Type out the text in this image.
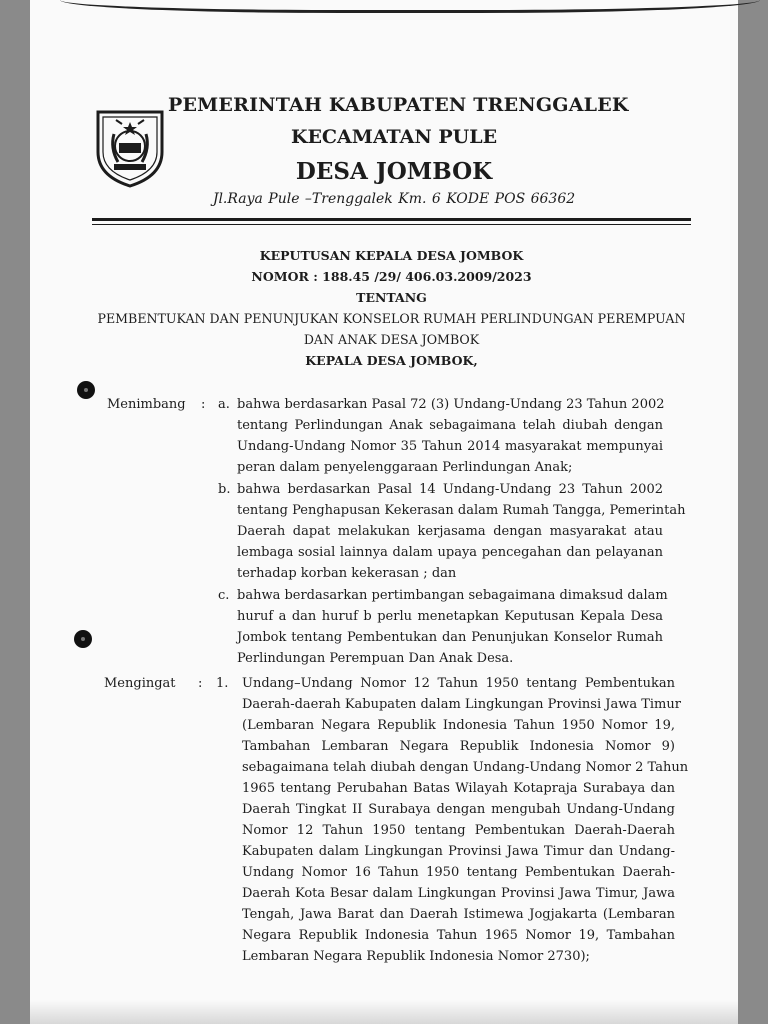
PEMERINTAH KABUPATEN TRENGGALEK
KECAMATAN PULE
DESA JOMBOK
Jl.Raya Pule –Trenggalek Km. 6 KODE POS 66362
KEPUTUSAN KEPALA DESA JOMBOK
NOMOR : 188.45 /29/ 406.03.2009/2023
TENTANG
PEMBENTUKAN DAN PENUNJUKAN KONSELOR RUMAH PERLINDUNGAN PEREMPUAN
DAN ANAK DESA JOMBOK
KEPALA DESA JOMBOK,
Menimbang : a. bahwa berdasarkan Pasal 72 (3) Undang-Undang 23 Tahun 2002
tentang Perlindungan Anak sebagaimana telah diubah dengan
Undang-Undang Nomor 35 Tahun 2014 masyarakat mempunyai
peran dalam penyelenggaraan Perlindungan Anak;
b. bahwa berdasarkan Pasal 14 Undang-Undang 23 Tahun 2002
tentang Penghapusan Kekerasan dalam Rumah Tangga, Pemerintah
Daerah dapat melakukan kerjasama dengan masyarakat atau
lembaga sosial lainnya dalam upaya pencegahan dan pelayanan
terhadap korban kekerasan ; dan
c. bahwa berdasarkan pertimbangan sebagaimana dimaksud dalam
huruf a dan huruf b perlu menetapkan Keputusan Kepala Desa
Jombok tentang Pembentukan dan Penunjukan Konselor Rumah
Perlindungan Perempuan Dan Anak Desa.
Mengingat : 1. Undang–Undang Nomor 12 Tahun 1950 tentang Pembentukan
Daerah-daerah Kabupaten dalam Lingkungan Provinsi Jawa Timur
(Lembaran Negara Republik Indonesia Tahun 1950 Nomor 19,
Tambahan Lembaran Negara Republik Indonesia Nomor 9)
sebagaimana telah diubah dengan Undang-Undang Nomor 2 Tahun
1965 tentang Perubahan Batas Wilayah Kotapraja Surabaya dan
Daerah Tingkat II Surabaya dengan mengubah Undang-Undang
Nomor 12 Tahun 1950 tentang Pembentukan Daerah-Daerah
Kabupaten dalam Lingkungan Provinsi Jawa Timur dan Undang-
Undang Nomor 16 Tahun 1950 tentang Pembentukan Daerah-
Daerah Kota Besar dalam Lingkungan Provinsi Jawa Timur, Jawa
Tengah, Jawa Barat dan Daerah Istimewa Jogjakarta (Lembaran
Negara Republik Indonesia Tahun 1965 Nomor 19, Tambahan
Lembaran Negara Republik Indonesia Nomor 2730);
